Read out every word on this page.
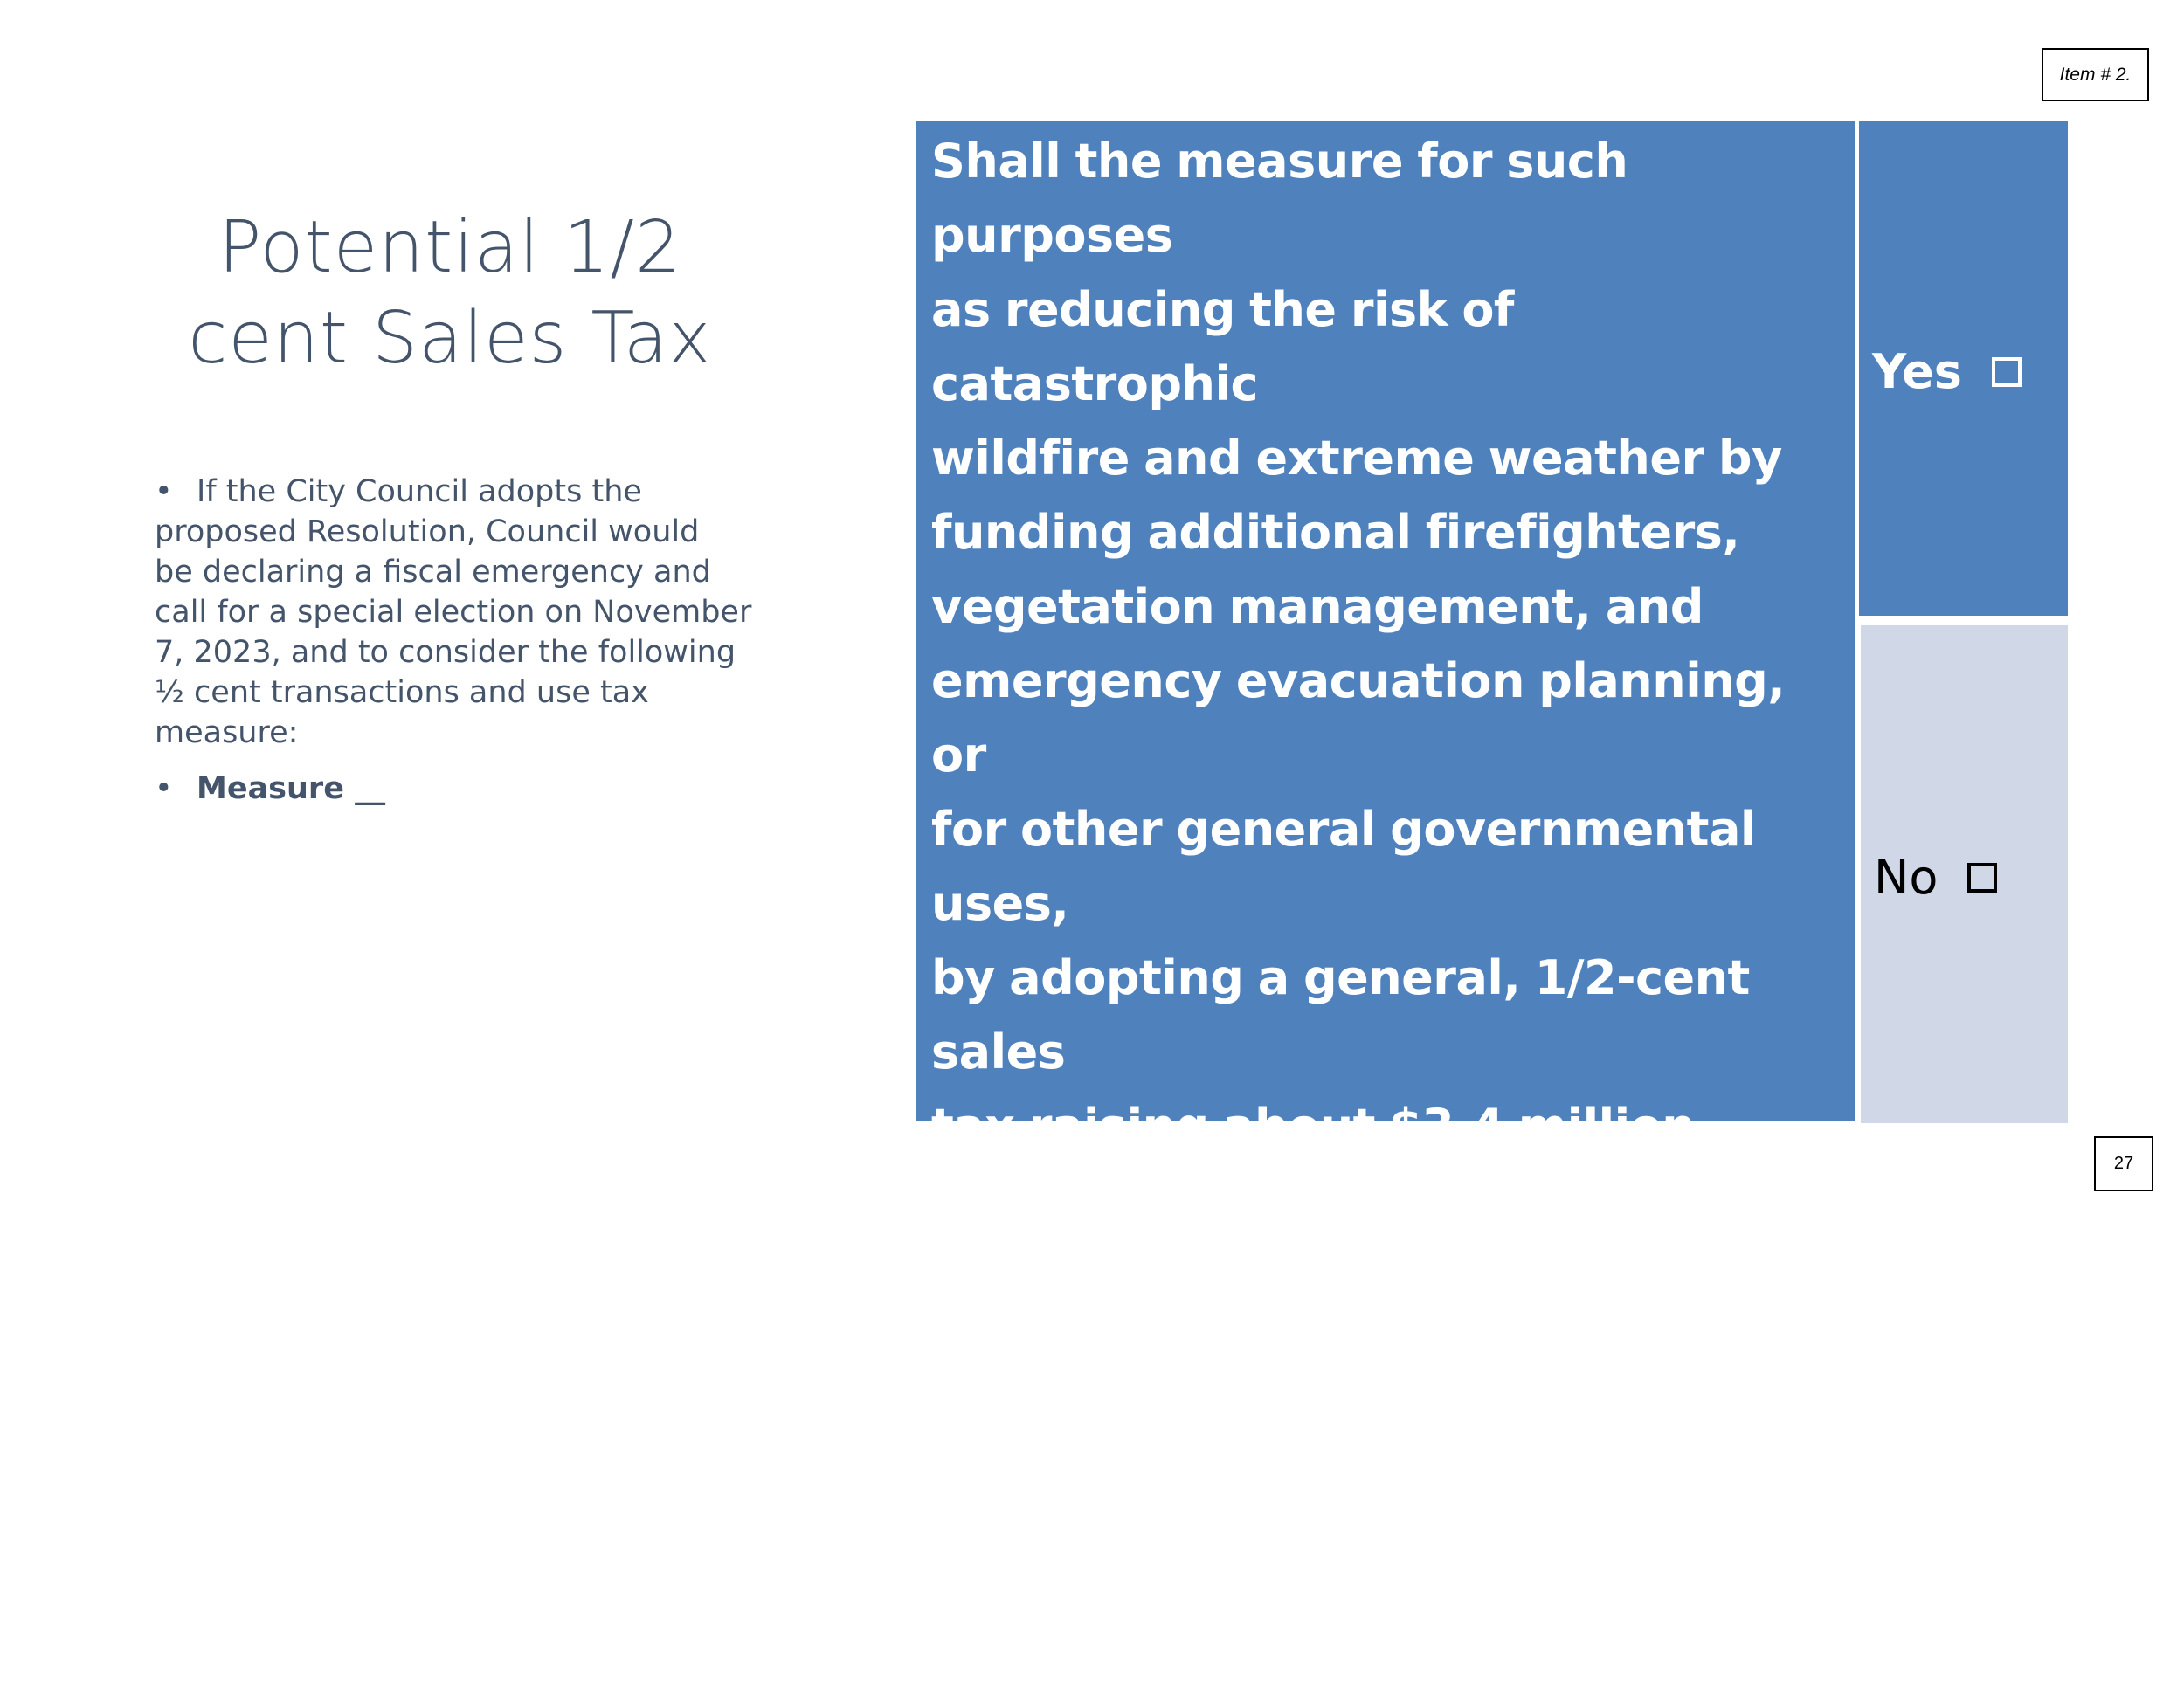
Item # 2.
Potential 1/2
cent Sales Tax
• If the City Council adopts the
proposed Resolution, Council would
be declaring a fiscal emergency and
call for a special election on November
7, 2023, and to consider the following
½ cent transactions and use tax
measure:
• Measure __
Shall the measure for such purposes
as reducing the risk of catastrophic
wildfire and extreme weather by
funding additional firefighters,
vegetation management, and
emergency evacuation planning, or
for other general governmental uses,
by adopting a general, 1/2-cent sales
tax raising about $3.4 million yearly,
with annual audits and a citizens’
oversight committee, effective for 10
years or until voters end it sooner, be
adopted?
Yes
No
27
